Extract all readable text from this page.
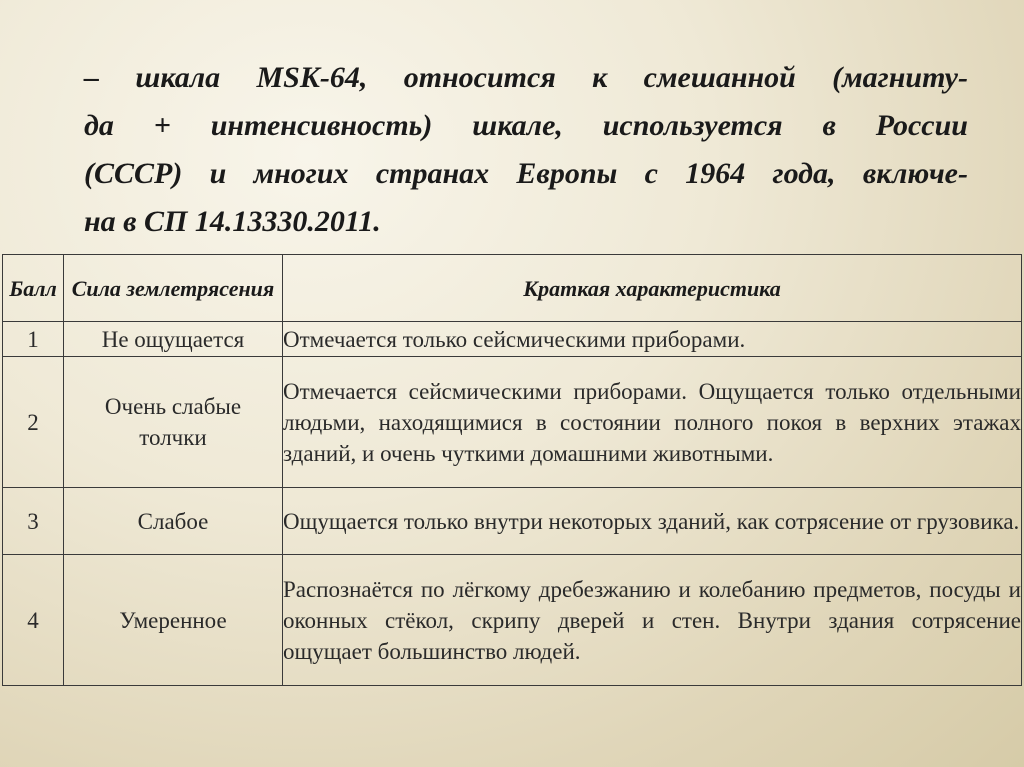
– шкала MSK-64, относится к смешанной (магниту-
да + интенсивность) шкале, используется в России
(СССР) и многих странах Европы с 1964 года, включе-
на в СП 14.13330.2011.
Балл	Сила землетрясения	Краткая характеристика
1	Не ощущается	Отмечается только сейсмическими приборами.
2	Очень слабые толчки	Отмечается сейсмическими приборами. Ощущается только отдельными людьми, находящимися в состоянии полного покоя в верхних этажах зданий, и очень чуткими домашними животными.
3	Слабое	Ощущается только внутри некоторых зданий, как сотрясение от грузовика.
4	Умеренное	Распознаётся по лёгкому дребезжанию и колебанию предметов, посуды и оконных стёкол, скрипу дверей и стен. Внутри здания сотрясение ощущает большинство людей.
